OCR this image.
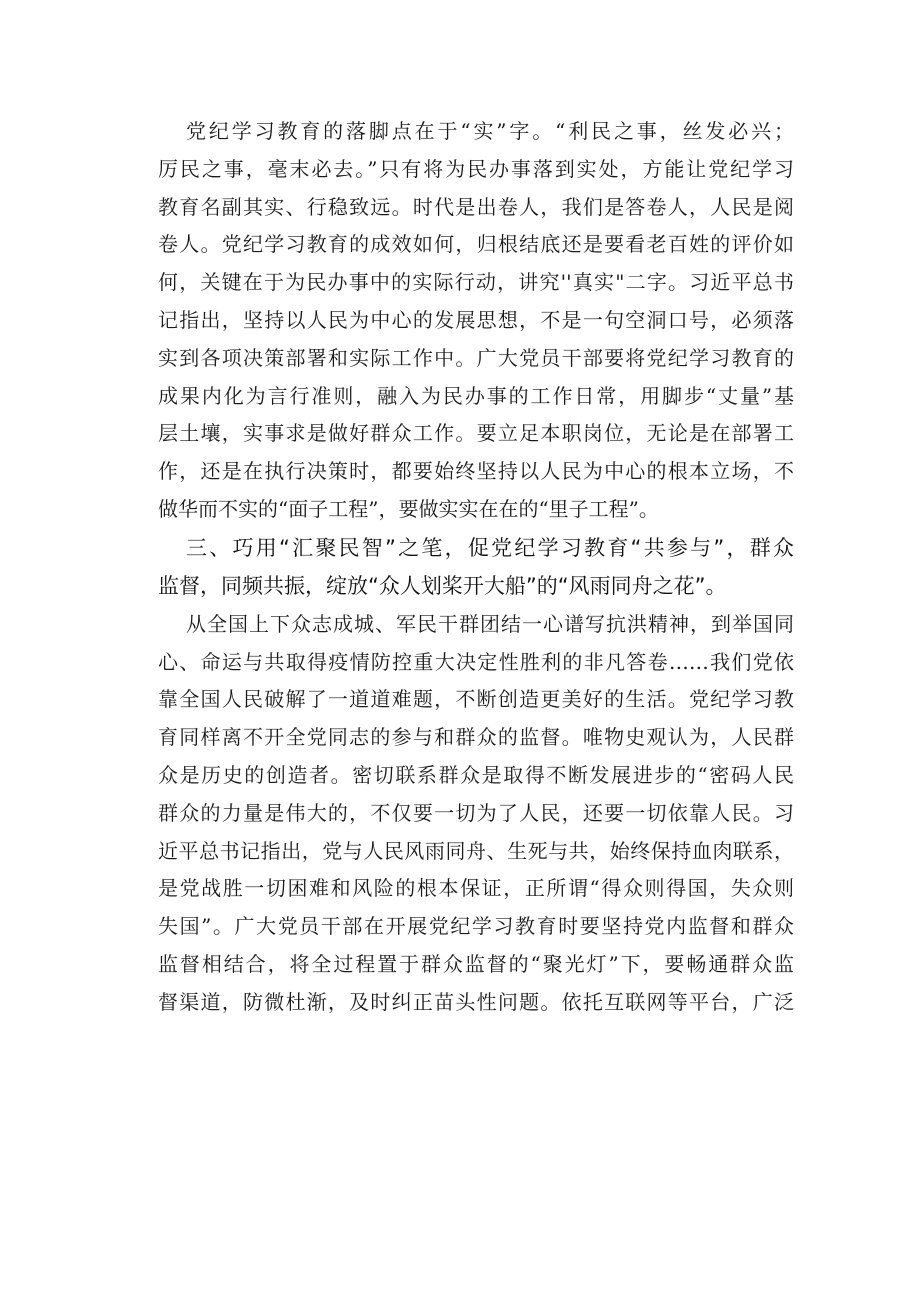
党纪学习教育的落脚点在于“实”字。“利民之事，丝发必兴；
厉民之事，毫末必去。”只有将为民办事落到实处，方能让党纪学习
教育名副其实、行稳致远。时代是出卷人，我们是答卷人，人民是阅
卷人。党纪学习教育的成效如何，归根结底还是要看老百姓的评价如
何，关键在于为民办事中的实际行动，讲究''真实"二字。习近平总书
记指出，坚持以人民为中心的发展思想，不是一句空洞口号，必须落
实到各项决策部署和实际工作中。广大党员干部要将党纪学习教育的
成果内化为言行准则，融入为民办事的工作日常，用脚步“丈量”基
层土壤，实事求是做好群众工作。要立足本职岗位，无论是在部署工
作，还是在执行决策时，都要始终坚持以人民为中心的根本立场，不
做华而不实的“面子工程”，要做实实在在的“里子工程”。
三、巧用“汇聚民智”之笔，促党纪学习教育“共参与”，群众
监督，同频共振，绽放“众人划桨开大船”的“风雨同舟之花”。
从全国上下众志成城、军民干群团结一心谱写抗洪精神，到举国同
心、命运与共取得疫情防控重大决定性胜利的非凡答卷……我们党依
靠全国人民破解了一道道难题，不断创造更美好的生活。党纪学习教
育同样离不开全党同志的参与和群众的监督。唯物史观认为，人民群
众是历史的创造者。密切联系群众是取得不断发展进步的“密码人民
群众的力量是伟大的，不仅要一切为了人民，还要一切依靠人民。习
近平总书记指出，党与人民风雨同舟、生死与共，始终保持血肉联系，
是党战胜一切困难和风险的根本保证，正所谓“得众则得国，失众则
失国”。广大党员干部在开展党纪学习教育时要坚持党内监督和群众
监督相结合，将全过程置于群众监督的“聚光灯”下，要畅通群众监
督渠道，防微杜渐，及时纠正苗头性问题。依托互联网等平台，广泛
